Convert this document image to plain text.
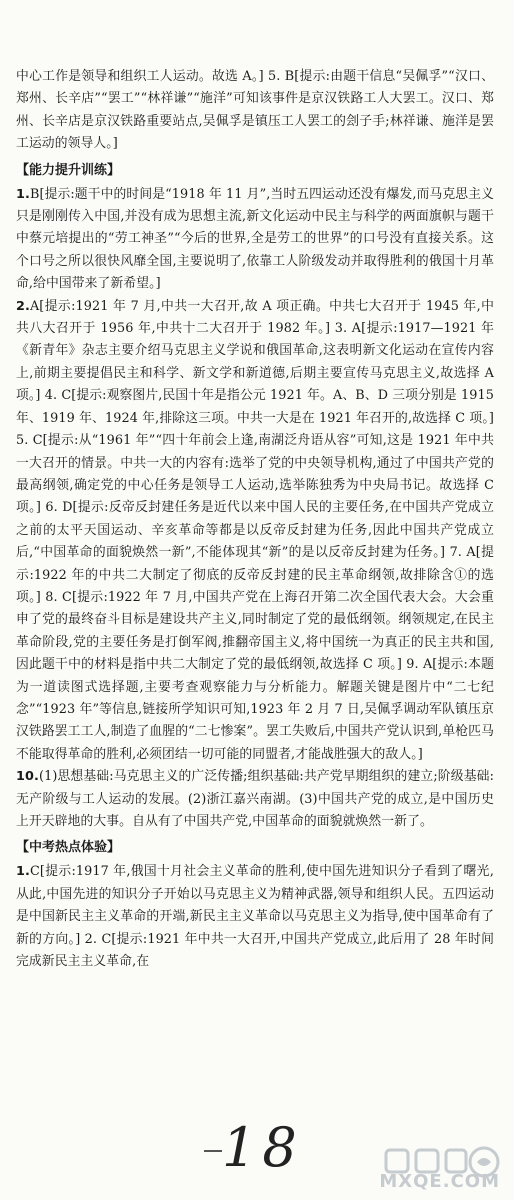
中心工作是领导和组织工人运动。故选 A。] 5. B[提示:由题干信息“吴佩孚”“汉口、郑州、长辛店”“罢工”“林祥谦”“施洋”可知该事件是京汉铁路工人大罢工。汉口、郑州、长辛店是京汉铁路重要站点,吴佩孚是镇压工人罢工的刽子手;林祥谦、施洋是罢工运动的领导人。]

【能力提升训练】

1.B[提示:题干中的时间是“1918 年 11 月”,当时五四运动还没有爆发,而马克思主义只是刚刚传入中国,并没有成为思想主流,新文化运动中民主与科学的两面旗帜与题干中蔡元培提出的“劳工神圣”“今后的世界,全是劳工的世界”的口号没有直接关系。这个口号之所以很快风靡全国,主要说明了,依靠工人阶级发动并取得胜利的俄国十月革命,给中国带来了新希望。]

2.A[提示:1921 年 7 月,中共一大召开,故 A 项正确。中共七大召开于 1945 年,中共八大召开于 1956 年,中共十二大召开于 1982 年。] 3. A[提示:1917—1921 年《新青年》杂志主要介绍马克思主义学说和俄国革命,这表明新文化运动在宣传内容上,前期主要提倡民主和科学、新文学和新道德,后期主要宣传马克思主义,故选择 A 项。] 4. C[提示:观察图片,民国十年是指公元 1921 年。A、B、D 三项分别是 1915 年、1919 年、1924 年,排除这三项。中共一大是在 1921 年召开的,故选择 C 项。] 5. C[提示:从“1961 年”“四十年前会上逢,南湖泛舟语从容”可知,这是 1921 年中共一大召开的情景。中共一大的内容有:选举了党的中央领导机构,通过了中国共产党的最高纲领,确定党的中心任务是领导工人运动,选举陈独秀为中央局书记。故选择 C 项。] 6. D[提示:反帝反封建任务是近代以来中国人民的主要任务,在中国共产党成立之前的太平天国运动、辛亥革命等都是以反帝反封建为任务,因此中国共产党成立后,“中国革命的面貌焕然一新”,不能体现其“新”的是以反帝反封建为任务。] 7. A[提示:1922 年的中共二大制定了彻底的反帝反封建的民主革命纲领,故排除含①的选项。] 8. C[提示:1922 年 7 月,中国共产党在上海召开第二次全国代表大会。大会重申了党的最终奋斗目标是建设共产主义,同时制定了党的最低纲领。纲领规定,在民主革命阶段,党的主要任务是打倒军阀,推翻帝国主义,将中国统一为真正的民主共和国,因此题干中的材料是指中共二大制定了党的最低纲领,故选择 C 项。] 9. A[提示:本题为一道读图式选择题,主要考查观察能力与分析能力。解题关键是图片中“二七纪念”“1923 年”等信息,链接所学知识可知,1923 年 2 月 7 日,吴佩孚调动军队镇压京汉铁路罢工工人,制造了血腥的“二七惨案”。罢工失败后,中国共产党认识到,单枪匹马不能取得革命的胜利,必须团结一切可能的同盟者,才能战胜强大的敌人。]

10.(1)思想基础:马克思主义的广泛传播;组织基础:共产党早期组织的建立;阶级基础:无产阶级与工人运动的发展。(2)浙江嘉兴南湖。(3)中国共产党的成立,是中国历史上开天辟地的大事。自从有了中国共产党,中国革命的面貌就焕然一新了。

【中考热点体验】

1.C[提示:1917 年,俄国十月社会主义革命的胜利,使中国先进知识分子看到了曙光,从此,中国先进的知识分子开始以马克思主义为精神武器,领导和组织人民。五四运动是中国新民主主义革命的开端,新民主主义革命以马克思主义为指导,使中国革命有了新的方向。] 2. C[提示:1921 年中共一大召开,中国共产党成立,此后用了 28 年时间完成新民主主义革命,在

18
MXQE.COM
